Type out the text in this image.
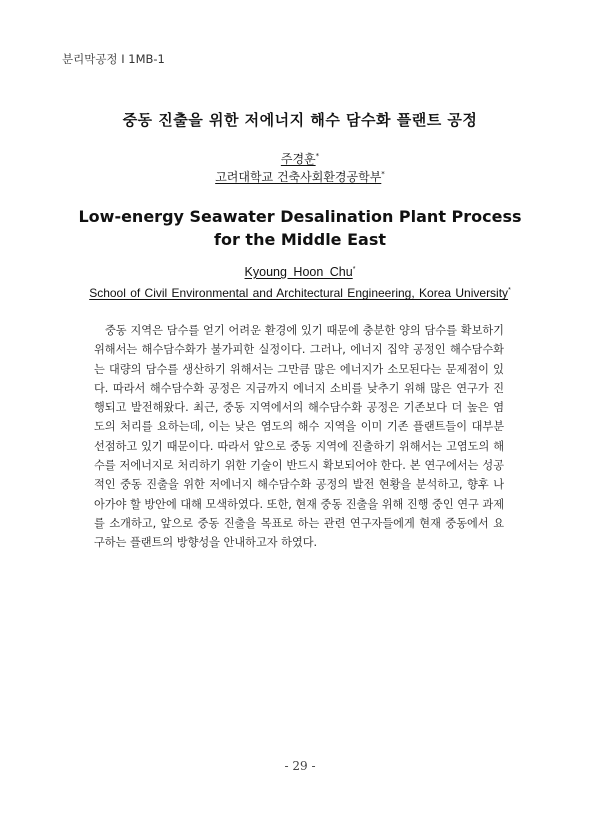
분리막공정 Ⅰ 1MB-1
중동 진출을 위한 저에너지 해수 담수화 플랜트 공정
주경훈*
고려대학교 건축사회환경공학부*
Low-energy Seawater Desalination Plant Process for the Middle East
Kyoung Hoon Chu*
School of Civil Environmental and Architectural Engineering, Korea University*
중동 지역은 담수를 얻기 어려운 환경에 있기 때문에 충분한 양의 담수를 확보하기 위해서는 해수담수화가 불가피한 실정이다. 그러나, 에너지 집약 공정인 해수담수화는 대량의 담수를 생산하기 위해서는 그만큼 많은 에너지가 소모된다는 문제점이 있다. 따라서 해수담수화 공정은 지금까지 에너지 소비를 낮추기 위해 많은 연구가 진행되고 발전해왔다. 최근, 중동 지역에서의 해수담수화 공정은 기존보다 더 높은 염도의 처리를 요하는데, 이는 낮은 염도의 해수 지역을 이미 기존 플랜트들이 대부분 선점하고 있기 때문이다. 따라서 앞으로 중동 지역에 진출하기 위해서는 고염도의 해수를 저에너지로 처리하기 위한 기술이 반드시 확보되어야 한다. 본 연구에서는 성공적인 중동 진출을 위한 저에너지 해수담수화 공정의 발전 현황을 분석하고, 향후 나아가야 할 방안에 대해 모색하였다. 또한, 현재 중동 진출을 위해 진행 중인 연구 과제를 소개하고, 앞으로 중동 진출을 목표로 하는 관련 연구자들에게 현재 중동에서 요구하는 플랜트의 방향성을 안내하고자 하였다.
- 29 -
